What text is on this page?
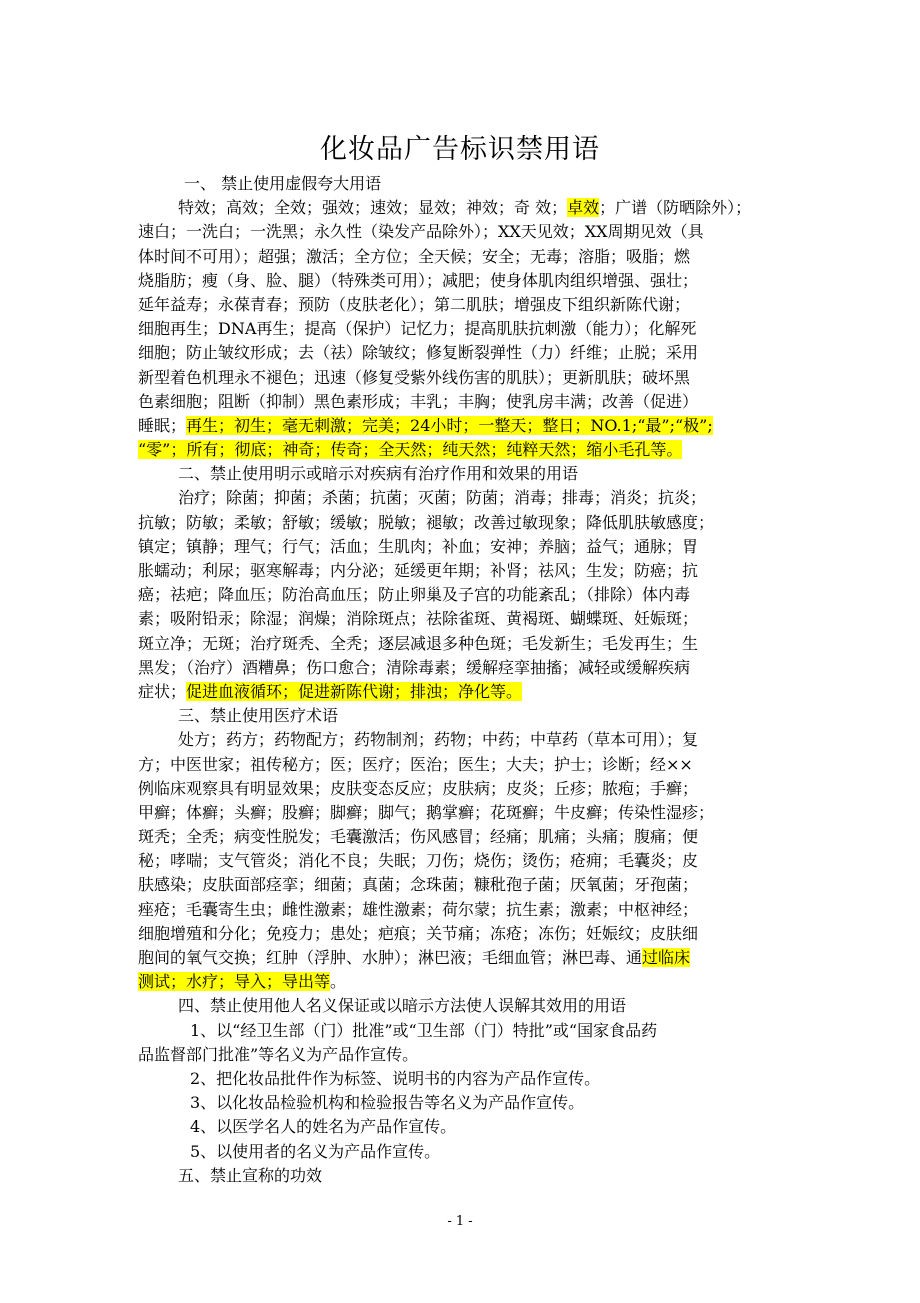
化妆品广告标识禁用语
一、 禁止使用虚假夸大用语
特效；高效；全效；强效；速效；显效；神效；奇 效；卓效；广谱（防晒除外）；
速白；一洗白；一洗黑；永久性（染发产品除外）；XX天见效；XX周期见效（具
体时间不可用）；超强；激活；全方位；全天候；安全；无毒；溶脂；吸脂；燃
烧脂肪；瘦（身、脸、腿）（特殊类可用）；减肥；使身体肌肉组织增强、强壮；
延年益寿；永葆青春；预防（皮肤老化）；第二肌肤；增强皮下组织新陈代谢；
细胞再生；DNA再生；提高（保护）记忆力；提高肌肤抗刺激（能力）；化解死
细胞；防止皱纹形成；去（祛）除皱纹；修复断裂弹性（力）纤维；止脱；采用
新型着色机理永不褪色；迅速（修复受紫外线伤害的肌肤）；更新肌肤；破坏黑
色素细胞；阻断（抑制）黑色素形成；丰乳；丰胸；使乳房丰满；改善（促进）
睡眠；再生；初生；毫无刺激；完美；24小时；一整天；整日；NO.1;“最”;“极”;
“零”；所有；彻底；神奇；传奇；全天然；纯天然；纯粹天然；缩小毛孔等。
二、禁止使用明示或暗示对疾病有治疗作用和效果的用语
治疗；除菌；抑菌；杀菌；抗菌；灭菌；防菌；消毒；排毒；消炎；抗炎；
抗敏；防敏；柔敏；舒敏；缓敏；脱敏；褪敏；改善过敏现象；降低肌肤敏感度；
镇定；镇静；理气；行气；活血；生肌肉；补血；安神；养脑；益气；通脉；胃
胀蠕动；利尿；驱寒解毒；内分泌；延缓更年期；补肾；祛风；生发；防癌；抗
癌；祛疤；降血压；防治高血压；防止卵巢及子宫的功能紊乱；（排除）体内毒
素；吸附铅汞；除湿；润燥；消除斑点；祛除雀斑、黄褐斑、蝴蝶斑、妊娠斑；
斑立净；无斑；治疗斑秃、全秃；逐层减退多种色斑；毛发新生；毛发再生；生
黑发；（治疗）酒糟鼻；伤口愈合；清除毒素；缓解痉挛抽搐；减轻或缓解疾病
症状；促进血液循环；促进新陈代谢；排浊；净化等。
三、禁止使用医疗术语
处方；药方；药物配方；药物制剂；药物；中药；中草药（草本可用）；复
方；中医世家；祖传秘方；医；医疗；医治；医生；大夫；护士；诊断；经××
例临床观察具有明显效果；皮肤变态反应；皮肤病；皮炎；丘疹；脓疱；手癣；
甲癣；体癣；头癣；股癣；脚癣；脚气；鹅掌癣；花斑癣；牛皮癣；传染性湿疹；
斑秃；全秃；病变性脱发；毛囊激活；伤风感冒；经痛；肌痛；头痛；腹痛；便
秘；哮喘；支气管炎；消化不良；失眠；刀伤；烧伤；烫伤；疮痈；毛囊炎；皮
肤感染；皮肤面部痉挛；细菌；真菌；念珠菌；糠秕孢子菌；厌氧菌；牙孢菌；
痤疮；毛囊寄生虫；雌性激素；雄性激素；荷尔蒙；抗生素；激素；中枢神经；
细胞增殖和分化；免疫力；患处；疤痕；关节痛；冻疮；冻伤；妊娠纹；皮肤细
胞间的氧气交换；红肿（浮肿、水肿）；淋巴液；毛细血管；淋巴毒、通过临床
测试；水疗；导入；导出等。
四、禁止使用他人名义保证或以暗示方法使人误解其效用的用语
1、以“经卫生部（门）批准”或“卫生部（门）特批”或“国家食品药
品监督部门批准”等名义为产品作宣传。
2、把化妆品批件作为标签、说明书的内容为产品作宣传。
3、以化妆品检验机构和检验报告等名义为产品作宣传。
4、以医学名人的姓名为产品作宣传。
5、以使用者的名义为产品作宣传。
五、禁止宣称的功效
- 1 -
